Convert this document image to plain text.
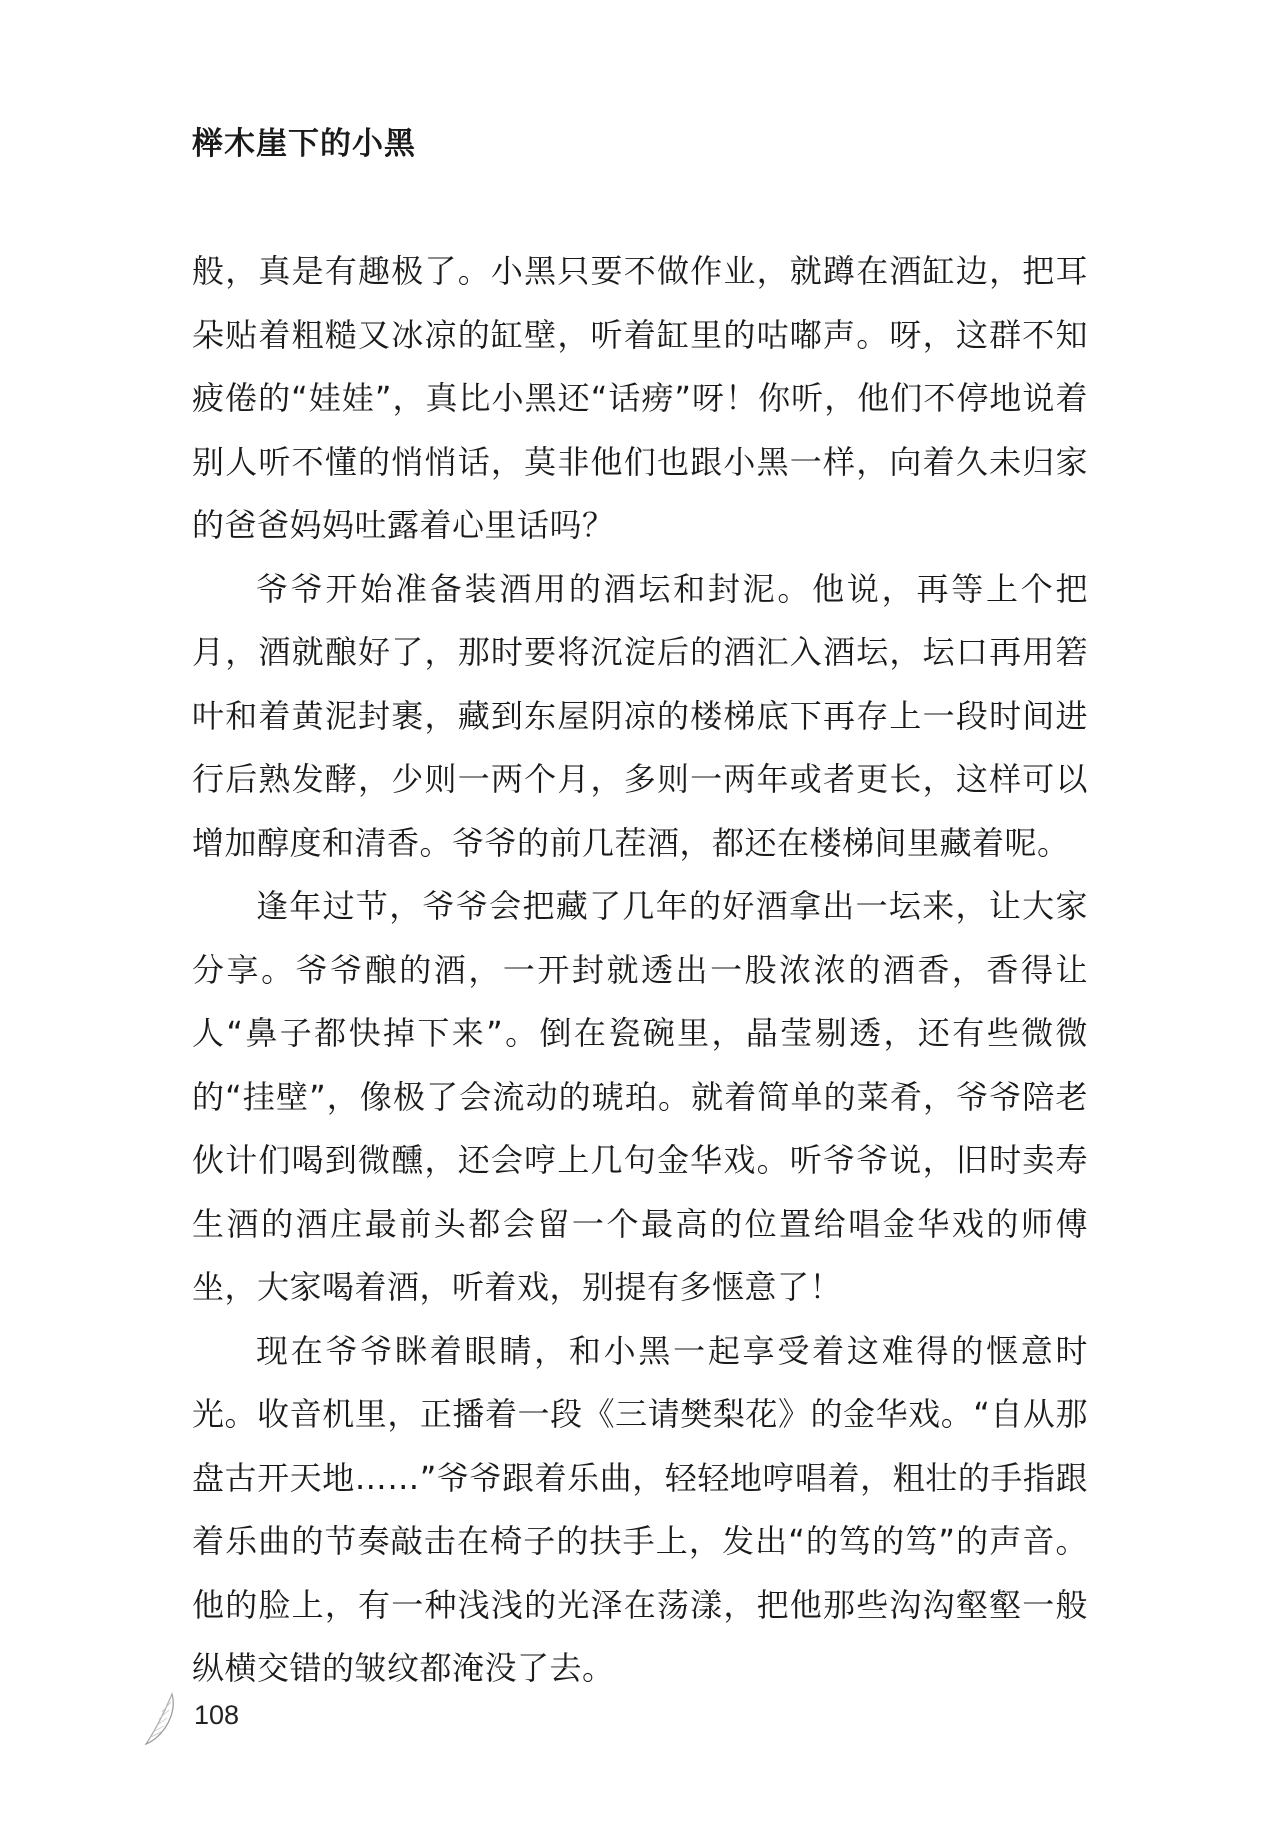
榉木崖下的小黑

般，真是有趣极了。小黑只要不做作业，就蹲在酒缸边，把耳朵贴着粗糙又冰凉的缸壁，听着缸里的咕嘟声。呀，这群不知疲倦的“娃娃”，真比小黑还“话痨”呀！你听，他们不停地说着别人听不懂的悄悄话，莫非他们也跟小黑一样，向着久未归家的爸爸妈妈吐露着心里话吗？

爷爷开始准备装酒用的酒坛和封泥。他说，再等上个把月，酒就酿好了，那时要将沉淀后的酒汇入酒坛，坛口再用箬叶和着黄泥封裹，藏到东屋阴凉的楼梯底下再存上一段时间进行后熟发酵，少则一两个月，多则一两年或者更长，这样可以增加醇度和清香。爷爷的前几茬酒，都还在楼梯间里藏着呢。

逢年过节，爷爷会把藏了几年的好酒拿出一坛来，让大家分享。爷爷酿的酒，一开封就透出一股浓浓的酒香，香得让人“鼻子都快掉下来”。倒在瓷碗里，晶莹剔透，还有些微微的“挂壁”，像极了会流动的琥珀。就着简单的菜肴，爷爷陪老伙计们喝到微醺，还会哼上几句金华戏。听爷爷说，旧时卖寿生酒的酒庄最前头都会留一个最高的位置给唱金华戏的师傅坐，大家喝着酒，听着戏，别提有多惬意了！

现在爷爷眯着眼睛，和小黑一起享受着这难得的惬意时光。收音机里，正播着一段《三请樊梨花》的金华戏。“自从那盘古开天地……”爷爷跟着乐曲，轻轻地哼唱着，粗壮的手指跟着乐曲的节奏敲击在椅子的扶手上，发出“的笃的笃”的声音。他的脸上，有一种浅浅的光泽在荡漾，把他那些沟沟壑壑一般纵横交错的皱纹都淹没了去。

108
